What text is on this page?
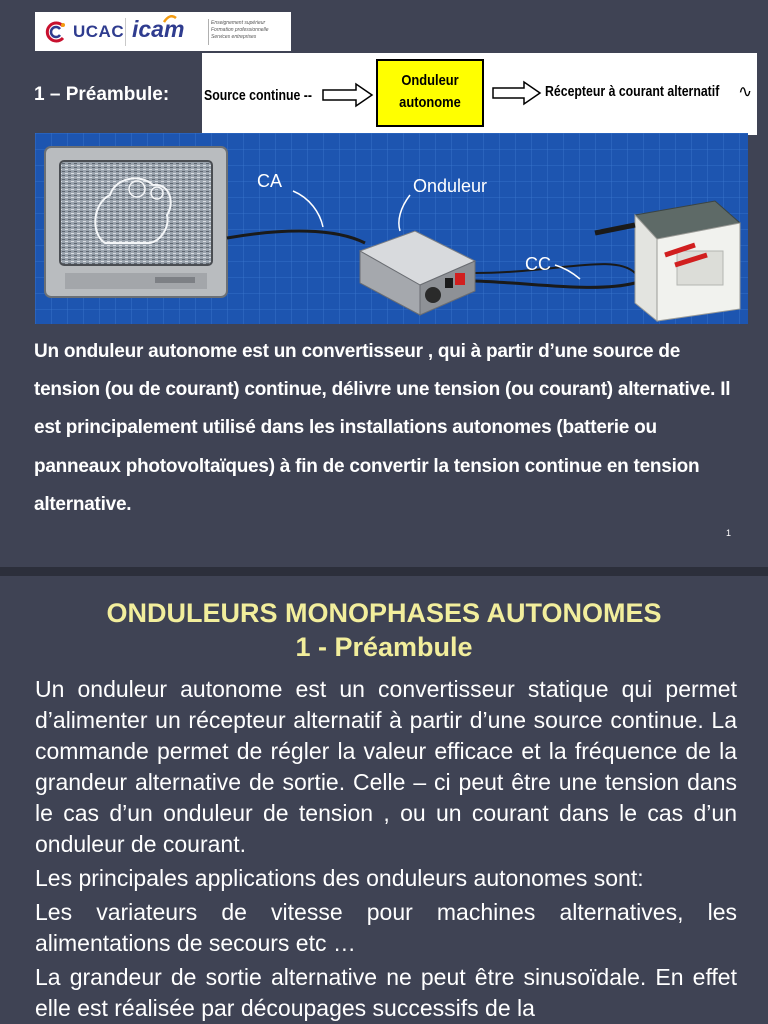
UCAC icam	Enseignement supérieur
Formation professionnelle
Services entreprises
1 – Préambule: Source continue --
Onduleur
autonome
Récepteur à courant alternatif ∿
CA	Onduleur
CC
Un onduleur autonome est un convertisseur , qui à partir d’une source de tension (ou de courant) continue, délivre une tension (ou courant) alternative. Il est principalement utilisé dans les installations autonomes (batterie ou panneaux photovoltaïques) à fin de convertir la tension continue en tension alternative.
1
ONDULEURS MONOPHASES AUTONOMES
1 - Préambule

Un onduleur autonome est un convertisseur statique qui permet d’alimenter un récepteur alternatif à partir d’une source continue. La commande permet de régler la valeur efficace et la fréquence de la grandeur alternative de sortie. Celle – ci peut être une tension dans le cas d’un onduleur de tension , ou un courant dans le cas d’un onduleur de courant.

Les principales applications des onduleurs autonomes sont:

Les variateurs de vitesse pour machines alternatives, les alimentations de secours etc …

La grandeur de sortie alternative ne peut être sinusoïdale. En effet elle est réalisée par découpages successifs de la
